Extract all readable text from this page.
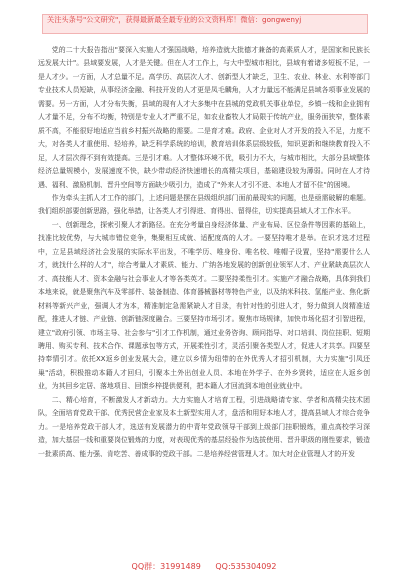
关注头条号"公文研究"，获得最新最全最专业的公文资料库！微信：gongwenyj

党的二十大报告指出"要深入实施人才强国战略，培养造就大批德才兼备的高素质人才，是国家和民族长远发展大计"。县域要发展，人才是关键。但在人才工作上，与大中型城市相比，县域有着诸多短板不足，一是人才少。一方面，人才总量不足。高学历、高层次人才、创新型人才缺乏，卫生、农业、林业、水利等部门专业技术人员短缺，从事经济金融、科技开发的人才更是凤毛麟角，人才力量远不能满足县域各项事业发展的需要。另一方面，人才分布失衡，县域的现有人才大多集中在县城的党政机关事业单位，乡镇一线和企业拥有人才量不足，分布不均衡，特别是专业人才严重不足，如农业畜牧人才局限于传统产业，服务面狭窄，整体素质不高，不能很好地适应当前乡村振兴战略的需要。二是育才难。政府、企业对人才开发的投入不足，力度不大，对各类人才重使用、轻培养，缺乏科学系统的培训，教育培训体系层级较低，知识更新和继续教育投入不足，人才层次得不到有效提高。三是引才难。人才整体环境不优，吸引力不大，与城市相比，大部分县域整体经济总量规模小，发展速度不快，缺少带动经济快速增长的高精尖项目，基础建设较为薄弱。同时在人才待遇、福利、激励机制、晋升空间等方面缺少吸引力，造成了"外来人才引不进、本地人才留不住"的困境。

作为牵头主抓人才工作的部门，上述问题是摆在县级组织部门面前最现实的问题，也是亟需破解的难题。我们组织部要创新思路，强化举措，让各类人才引得进、育得出、留得住，切实提高县域人才工作水平。

一、创新理念，探索引聚人才新路径。在充分考量自身经济体量、产业布局、区位条件等因素的基础上，找准比较优势，与大城市错位竞争，集聚相互成就、适配度高的人才。一要坚持唯才是举。在识才选才过程中，立足县域经济社会发展的实际水平出发，不唯学历、唯身份、唯名校、唯帽子设置，坚持"需要什么人才，就找什么样的人才"，综合考量人才素质、能力、广纳各地发展的创新创业领军人才、产业紧缺高层次人才、高技能人才、资本金融与社会事业人才等各类英才。二要坚持柔性引才。实施产才融合战略，具体到我们本地来说，就是聚焦汽车及零部件、装备制造、体育器械器材等特色产业，以及纳米科技、氢能产业、焦化新材料等新兴产业，强调人才为本，精准制定急需紧缺人才目录，有针对性的引进人才，努力做到人岗精准适配，推进人才链、产业链、创新链深度融合。三要坚持市场引才。聚焦市场规律，加快市场化招才引智进程，建立"政府引领、市场主导、社会参与"引才工作机制，通过业务咨询、顾问指导、对口培训、岗位挂职、短期聘用、购买专利、技术合作、课题承包等方式，开展柔性引才，灵活引聚各类型人才，促进人才共享。四要坚持奉情引才。依托XX返乡创业发展大会，建立以乡情为纽带的在外优秀人才招引机制，大力实施"引凤还巢"活动，积极推动本籍人才回归，引聚本土外出创业人员、本地在外学子、在外乡贤转，适应在人返乡创业，为其回乡定居、落地项目、回馈乡梓提供便利，把本籍人才回流到本地创业就业中。

二、精心培育，不断激发人才新动力。大力实施人才培育工程，引进战略请专家、学者和高精尖技术团队，全面培育党政干部、优秀民营企业家及本土新型实用人才，盘活和用好本地人才，提高县域人才综合竞争力。一是培养党政干部人才，选送有发展潜力的中青年党政领导干部到上级部门挂职锻炼，重点高校学习深造，加大基层一线和重要岗位锻炼的力度，对表现优秀的基层经验作为选拔使用、晋升职级的刚性要求，锻造一批素质高、能力强、肯吃苦、善成事的党政干部。二是培养经营管理人才。加大对企业管理人才的开发

QQ群：31991489 QQ:535304092
